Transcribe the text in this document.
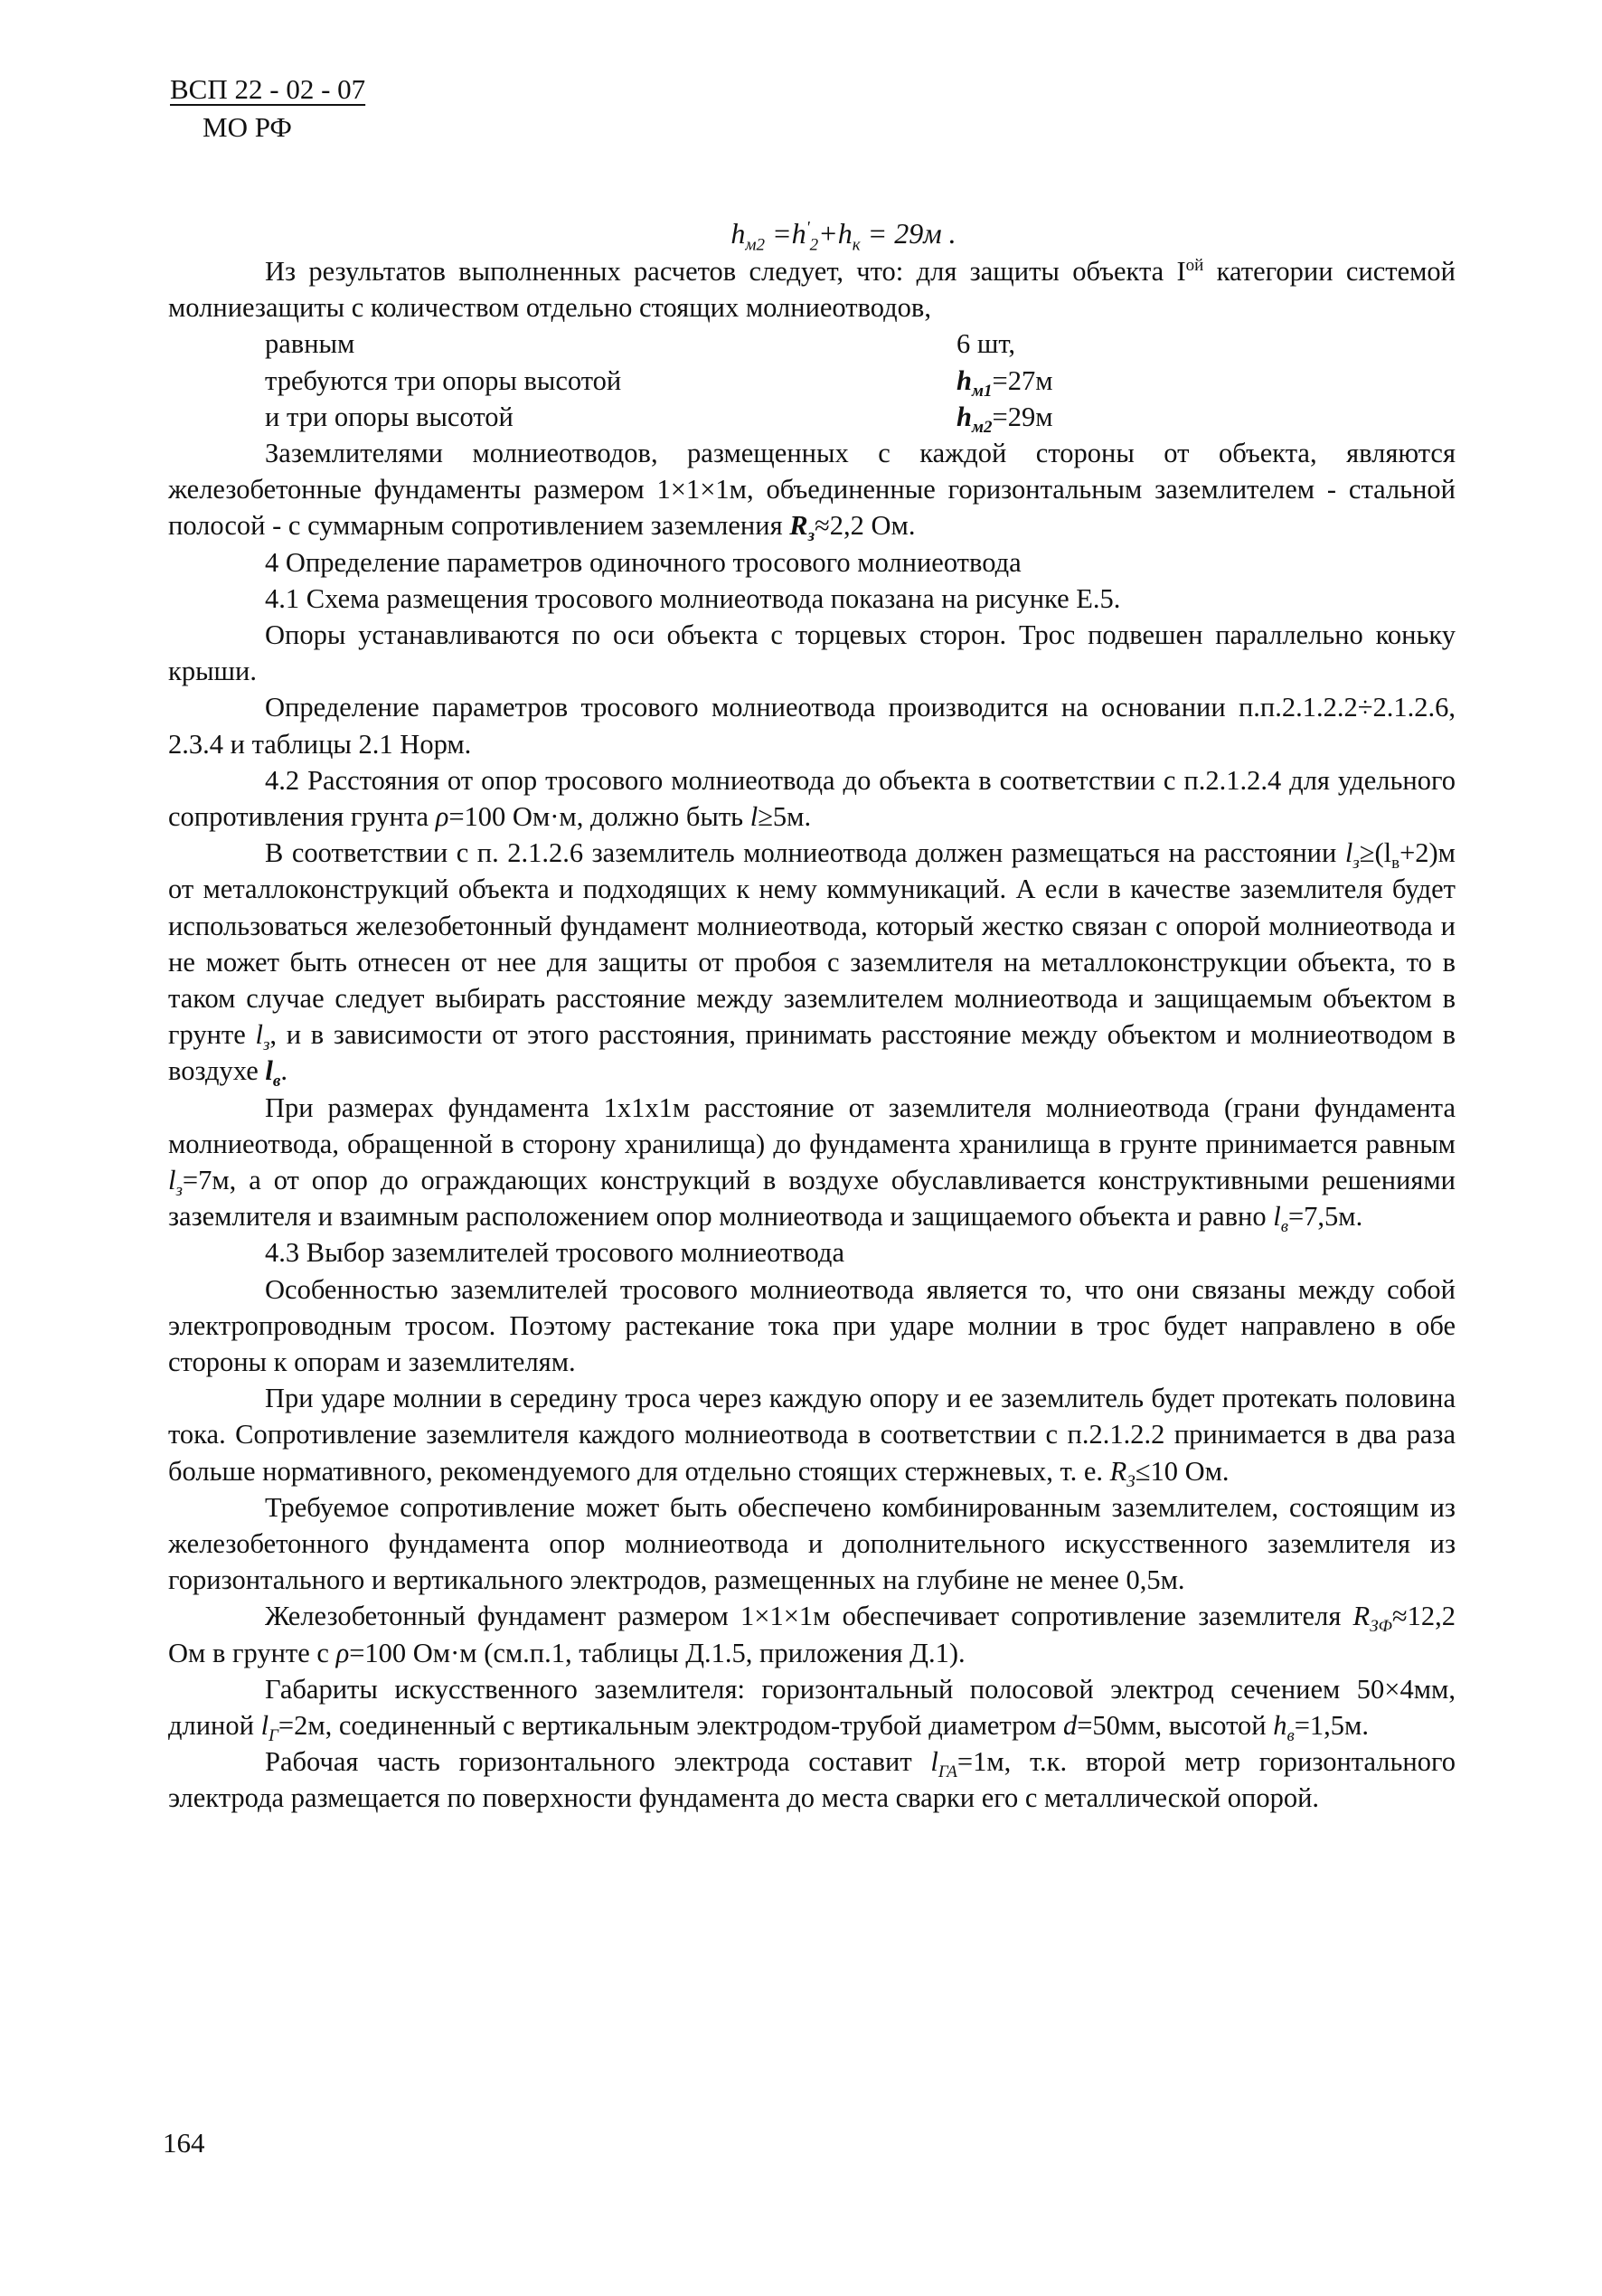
ВСП 22 - 02 - 07
МО РФ
$h_{м2} =h'_2+h_к = 29м$ .

Из результатов выполненных расчетов следует, что: для защиты объекта $I^{ой}$ категории системой молниезащиты с количеством отдельно стоящих молниеотводов,

равным	6 шт,
требуются три опоры высотой	$h_{м1}=27м$
и три опоры высотой	$h_{м2}=29м$

Заземлителями молниеотводов, размещенных с каждой стороны от объекта, являются железобетонные фундаменты размером 1×1×1м, объединенные горизонтальным заземлителем - стальной полосой - с суммарным сопротивлением заземления $R_з\approx 2,2$ Ом.

4 Определение параметров одиночного тросового молниеотвода

4.1 Схема размещения тросового молниеотвода показана на рисунке Е.5.

Опоры устанавливаются по оси объекта с торцевых сторон. Трос подвешен параллельно коньку крыши.

Определение параметров тросового молниеотвода производится на основании п.п.2.1.2.2÷2.1.2.6, 2.3.4 и таблицы 2.1 Норм.

4.2 Расстояния от опор тросового молниеотвода до объекта в соответствии с п.2.1.2.4 для удельного сопротивления грунта ρ=100 Ом·м, должно быть l≥5м.

В соответствии с п. 2.1.2.6 заземлитель молниеотвода должен размещаться на расстоянии $l_з\ge(l_в+2)м$ от металлоконструкций объекта и подходящих к нему коммуникаций. А если в качестве заземлителя будет использоваться железобетонный фундамент молниеотвода, который жестко связан с опорой молниеотвода и не может быть отнесен от нее для защиты от пробоя с заземлителя на металлоконструкции объекта, то в таком случае следует выбирать расстояние между заземлителем молниеотвода и защищаемым объектом в грунте $l_з$, и в зависимости от этого расстояния, принимать расстояние между объектом и молниеотводом в воздухе $l_в$.

При размерах фундамента 1х1х1м расстояние от заземлителя молниеотвода (грани фундамента молниеотвода, обращенной в сторону хранилища) до фундамента хранилища в грунте принимается равным $l_з=7м$, а от опор до ограждающих конструкций в воздухе обуславливается конструктивными решениями заземлителя и взаимным расположением опор молниеотвода и защищаемого объекта и равно $l_в=7,5м$.

4.3 Выбор заземлителей тросового молниеотвода

Особенностью заземлителей тросового молниеотвода является то, что они связаны между собой электропроводным тросом. Поэтому растекание тока при ударе молнии в трос будет направлено в обе стороны к опорам и заземлителям.

При ударе молнии в середину троса через каждую опору и ее заземлитель будет протекать половина тока. Сопротивление заземлителя каждого молниеотвода в соответствии с п.2.1.2.2 принимается в два раза больше нормативного, рекомендуемого для отдельно стоящих стержневых, т. е. $R_З\le 10$ Ом.

Требуемое сопротивление может быть обеспечено комбинированным заземлителем, состоящим из железобетонного фундамента опор молниеотвода и дополнительного искусственного заземлителя из горизонтального и вертикального электродов, размещенных на глубине не менее 0,5м.

Железобетонный фундамент размером 1×1×1м обеспечивает сопротивление заземлителя $R_{ЗФ}\approx 12,2$ Ом в грунте с ρ=100 Ом·м (см.п.1, таблицы Д.1.5, приложения Д.1).

Габариты искусственного заземлителя: горизонтальный полосовой электрод сечением 50×4мм, длиной $l_Г=2м$, соединенный с вертикальным электродом-трубой диаметром d=50мм, высотой $h_в=1,5м$.

Рабочая часть горизонтального электрода составит $l_{ГА}=1м$, т.к. второй метр горизонтального электрода размещается по поверхности фундамента до места сварки его с металлической опорой.

164
